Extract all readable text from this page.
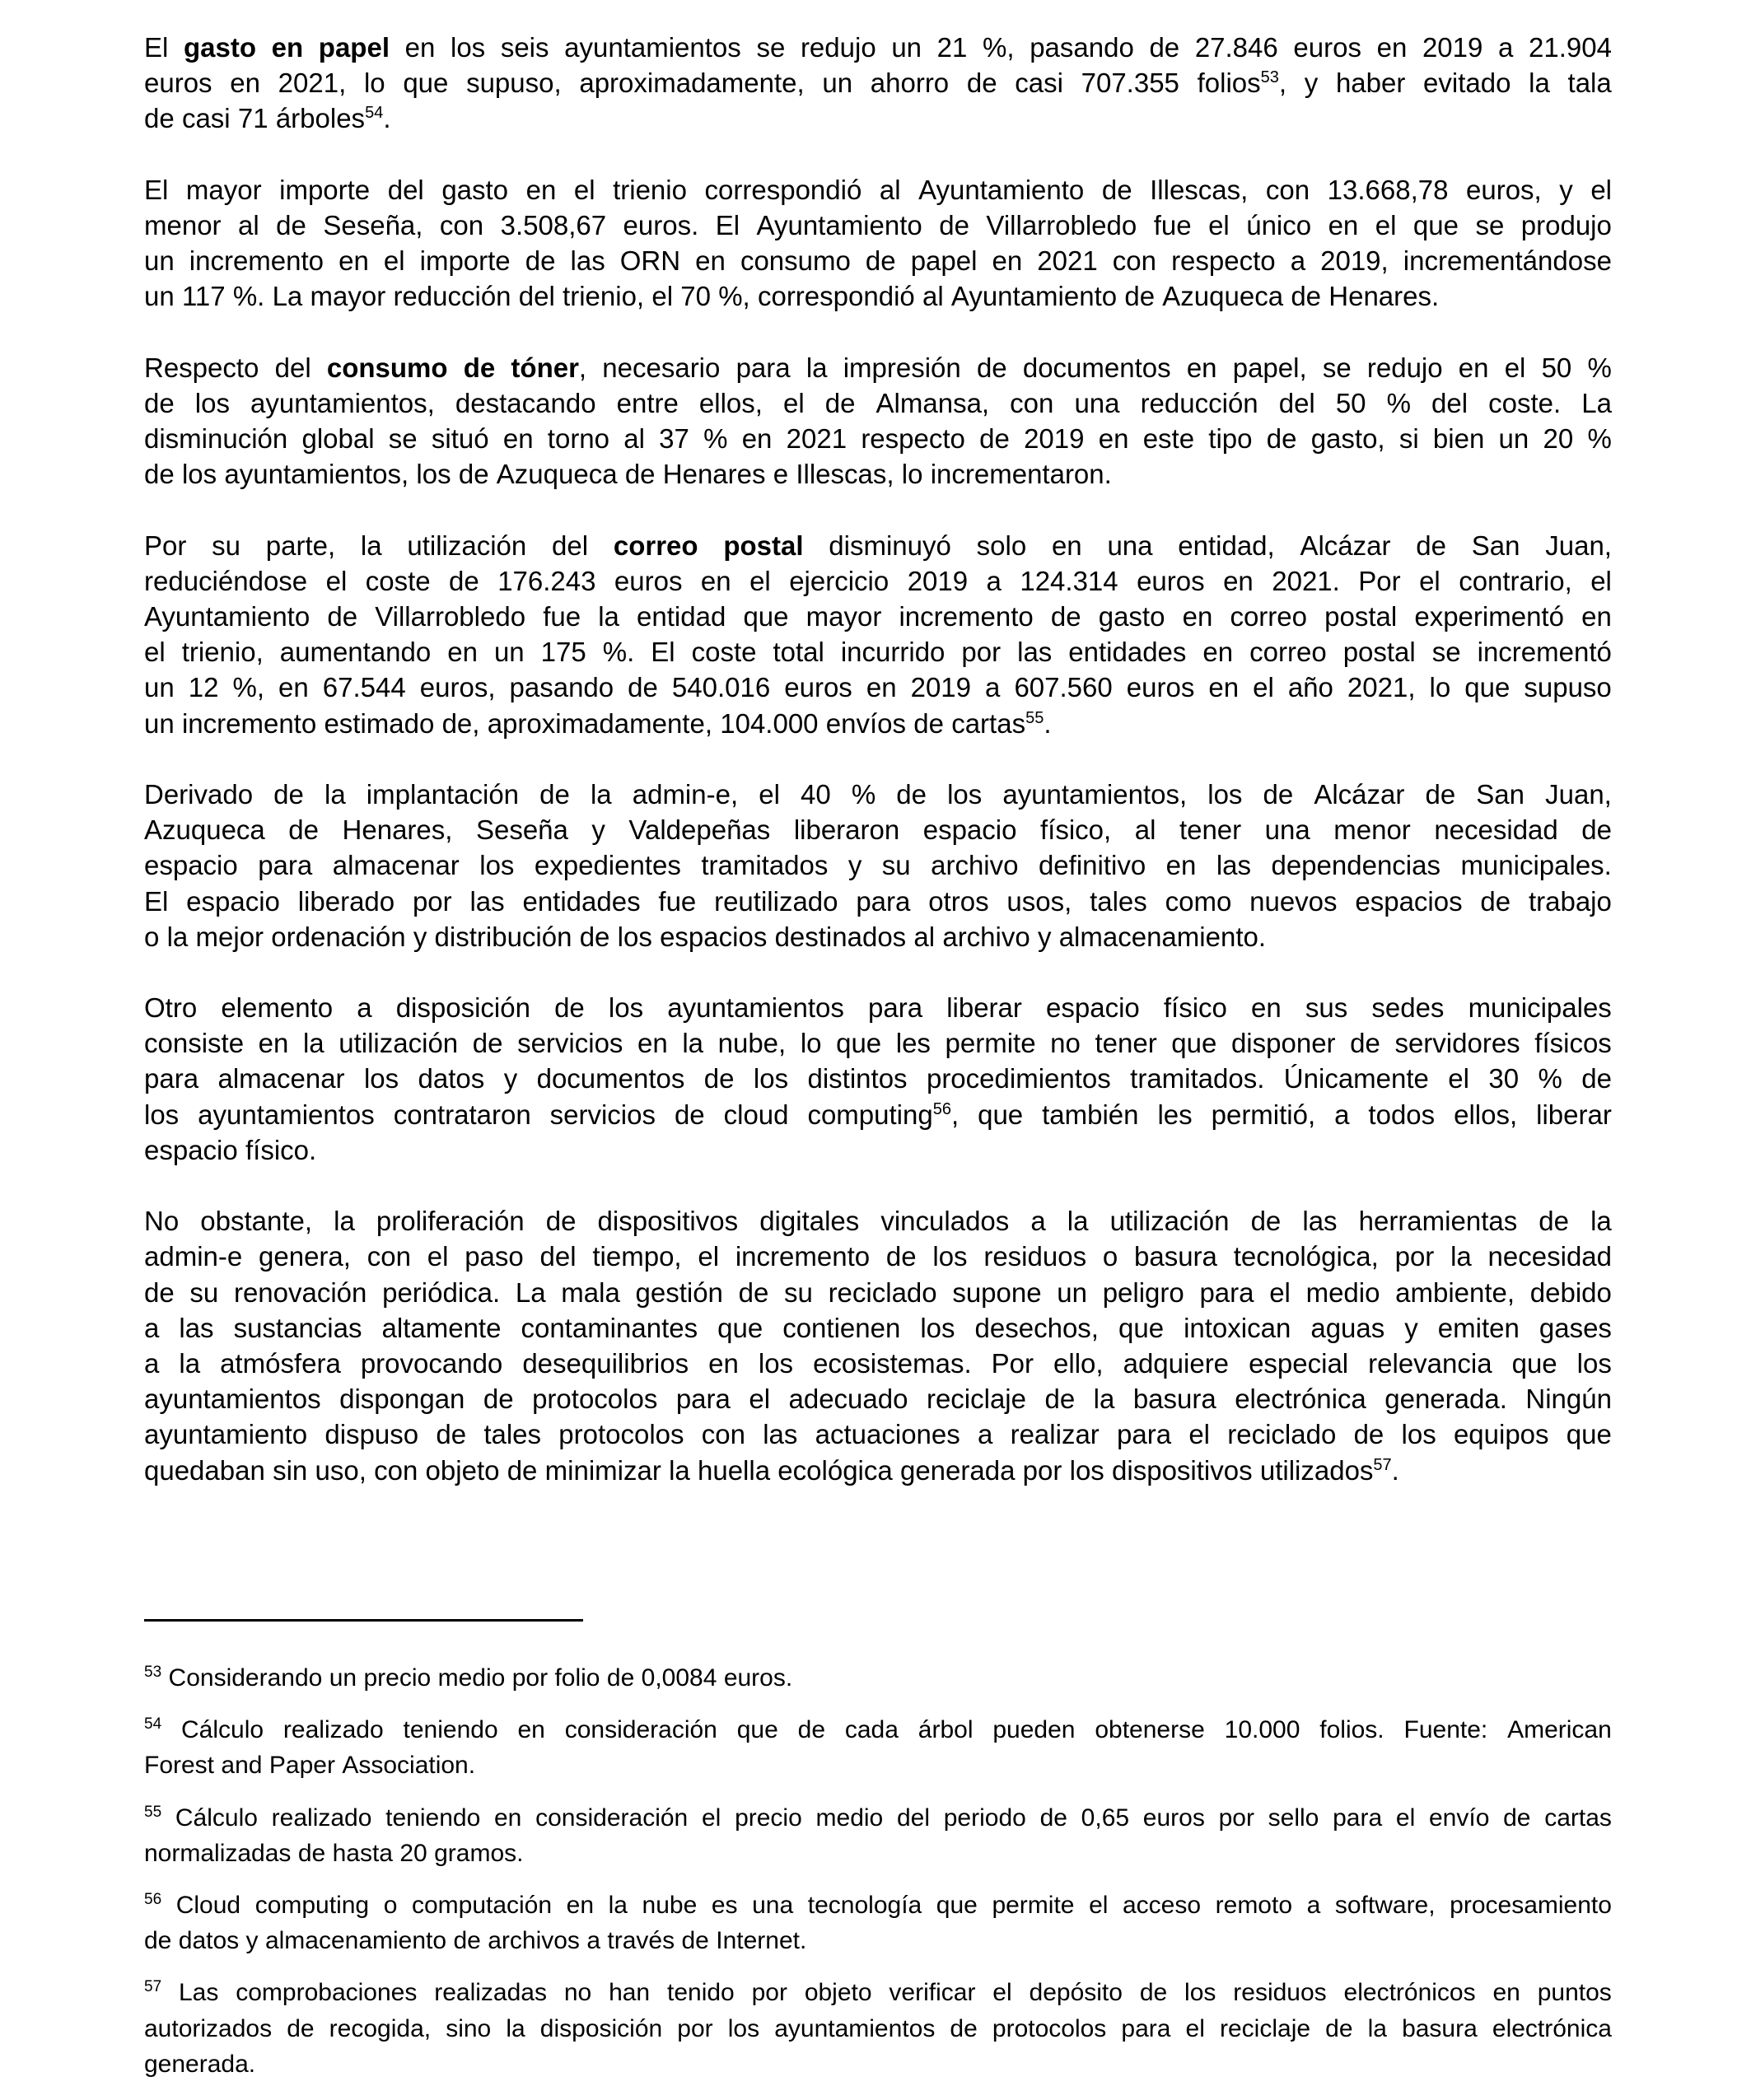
El gasto en papel en los seis ayuntamientos se redujo un 21 %, pasando de 27.846 euros en 2019 a 21.904
euros en 2021, lo que supuso, aproximadamente, un ahorro de casi 707.355 folios$^{53}$, y haber evitado la tala
de casi 71 árboles$^{54}$.
El mayor importe del gasto en el trienio correspondió al Ayuntamiento de Illescas, con 13.668,78 euros, y el
menor al de Seseña, con 3.508,67 euros. El Ayuntamiento de Villarrobledo fue el único en el que se produjo
un incremento en el importe de las ORN en consumo de papel en 2021 con respecto a 2019, incrementándose
un 117 %. La mayor reducción del trienio, el 70 %, correspondió al Ayuntamiento de Azuqueca de Henares.
Respecto del consumo de tóner, necesario para la impresión de documentos en papel, se redujo en el 50 %
de los ayuntamientos, destacando entre ellos, el de Almansa, con una reducción del 50 % del coste. La
disminución global se situó en torno al 37 % en 2021 respecto de 2019 en este tipo de gasto, si bien un 20 %
de los ayuntamientos, los de Azuqueca de Henares e Illescas, lo incrementaron.
Por su parte, la utilización del correo postal disminuyó solo en una entidad, Alcázar de San Juan,
reduciéndose el coste de 176.243 euros en el ejercicio 2019 a 124.314 euros en 2021. Por el contrario, el
Ayuntamiento de Villarrobledo fue la entidad que mayor incremento de gasto en correo postal experimentó en
el trienio, aumentando en un 175 %. El coste total incurrido por las entidades en correo postal se incrementó
un 12 %, en 67.544 euros, pasando de 540.016 euros en 2019 a 607.560 euros en el año 2021, lo que supuso
un incremento estimado de, aproximadamente, 104.000 envíos de cartas$^{55}$.
Derivado de la implantación de la admin-e, el 40 % de los ayuntamientos, los de Alcázar de San Juan,
Azuqueca de Henares, Seseña y Valdepeñas liberaron espacio físico, al tener una menor necesidad de
espacio para almacenar los expedientes tramitados y su archivo definitivo en las dependencias municipales.
El espacio liberado por las entidades fue reutilizado para otros usos, tales como nuevos espacios de trabajo
o la mejor ordenación y distribución de los espacios destinados al archivo y almacenamiento.
Otro elemento a disposición de los ayuntamientos para liberar espacio físico en sus sedes municipales
consiste en la utilización de servicios en la nube, lo que les permite no tener que disponer de servidores físicos
para almacenar los datos y documentos de los distintos procedimientos tramitados. Únicamente el 30 % de
los ayuntamientos contrataron servicios de cloud computing$^{56}$, que también les permitió, a todos ellos, liberar
espacio físico.
No obstante, la proliferación de dispositivos digitales vinculados a la utilización de las herramientas de la
admin-e genera, con el paso del tiempo, el incremento de los residuos o basura tecnológica, por la necesidad
de su renovación periódica. La mala gestión de su reciclado supone un peligro para el medio ambiente, debido
a las sustancias altamente contaminantes que contienen los desechos, que intoxican aguas y emiten gases
a la atmósfera provocando desequilibrios en los ecosistemas. Por ello, adquiere especial relevancia que los
ayuntamientos dispongan de protocolos para el adecuado reciclaje de la basura electrónica generada. Ningún
ayuntamiento dispuso de tales protocolos con las actuaciones a realizar para el reciclado de los equipos que
quedaban sin uso, con objeto de minimizar la huella ecológica generada por los dispositivos utilizados$^{57}$.
$^{53}$ Considerando un precio medio por folio de 0,0084 euros.
$^{54}$ Cálculo realizado teniendo en consideración que de cada árbol pueden obtenerse 10.000 folios. Fuente: American
Forest and Paper Association.
$^{55}$ Cálculo realizado teniendo en consideración el precio medio del periodo de 0,65 euros por sello para el envío de cartas
normalizadas de hasta 20 gramos.
$^{56}$ Cloud computing o computación en la nube es una tecnología que permite el acceso remoto a software, procesamiento
de datos y almacenamiento de archivos a través de Internet.
$^{57}$ Las comprobaciones realizadas no han tenido por objeto verificar el depósito de los residuos electrónicos en puntos
autorizados de recogida, sino la disposición por los ayuntamientos de protocolos para el reciclaje de la basura electrónica
generada.
